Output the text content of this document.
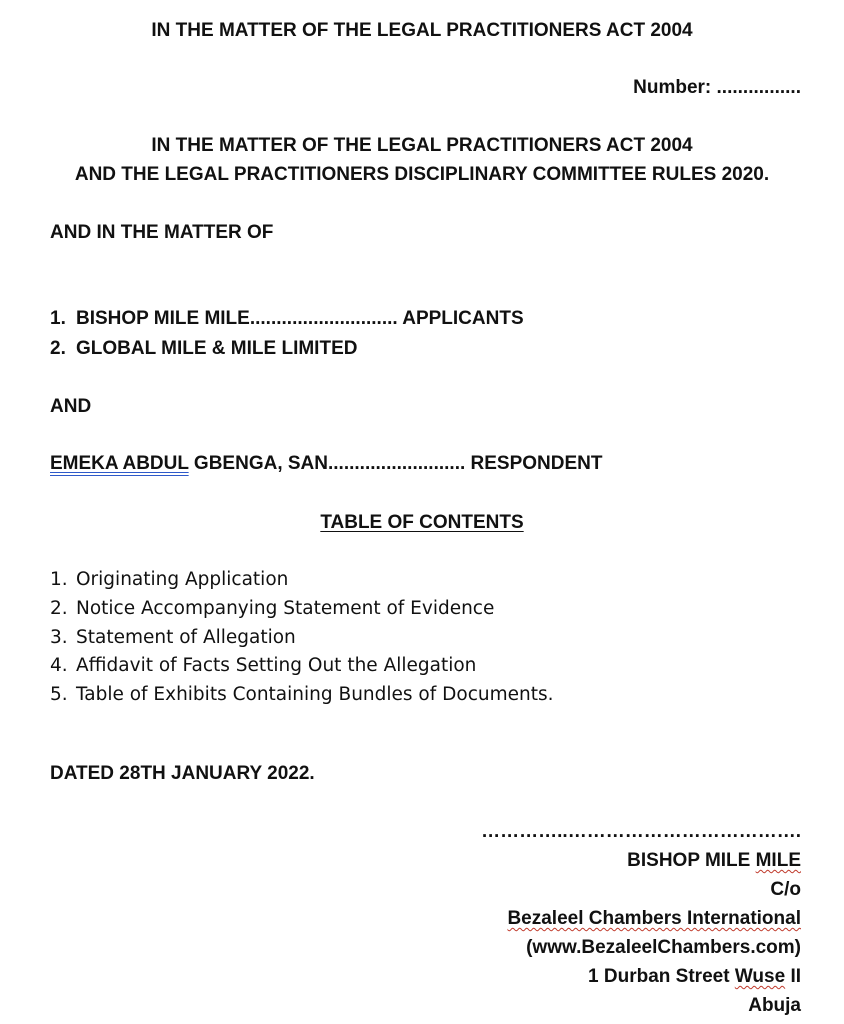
IN THE MATTER OF THE LEGAL PRACTITIONERS ACT 2004
Number: ................
IN THE MATTER OF THE LEGAL PRACTITIONERS ACT 2004
AND THE LEGAL PRACTITIONERS DISCIPLINARY COMMITTEE RULES 2020.
AND IN THE MATTER OF
1. BISHOP MILE MILE............................ APPLICANTS
2. GLOBAL MILE & MILE LIMITED
AND
EMEKA ABDUL GBENGA, SAN.......................... RESPONDENT
TABLE OF CONTENTS
1. Originating Application
2. Notice Accompanying Statement of Evidence
3. Statement of Allegation
4. Affidavit of Facts Setting Out the Allegation
5. Table of Exhibits Containing Bundles of Documents.
DATED 28TH JANUARY 2022.
…………..……………………………….
BISHOP MILE MILE
C/o
Bezaleel Chambers International
(www.BezaleelChambers.com)
1 Durban Street Wuse II
Abuja
